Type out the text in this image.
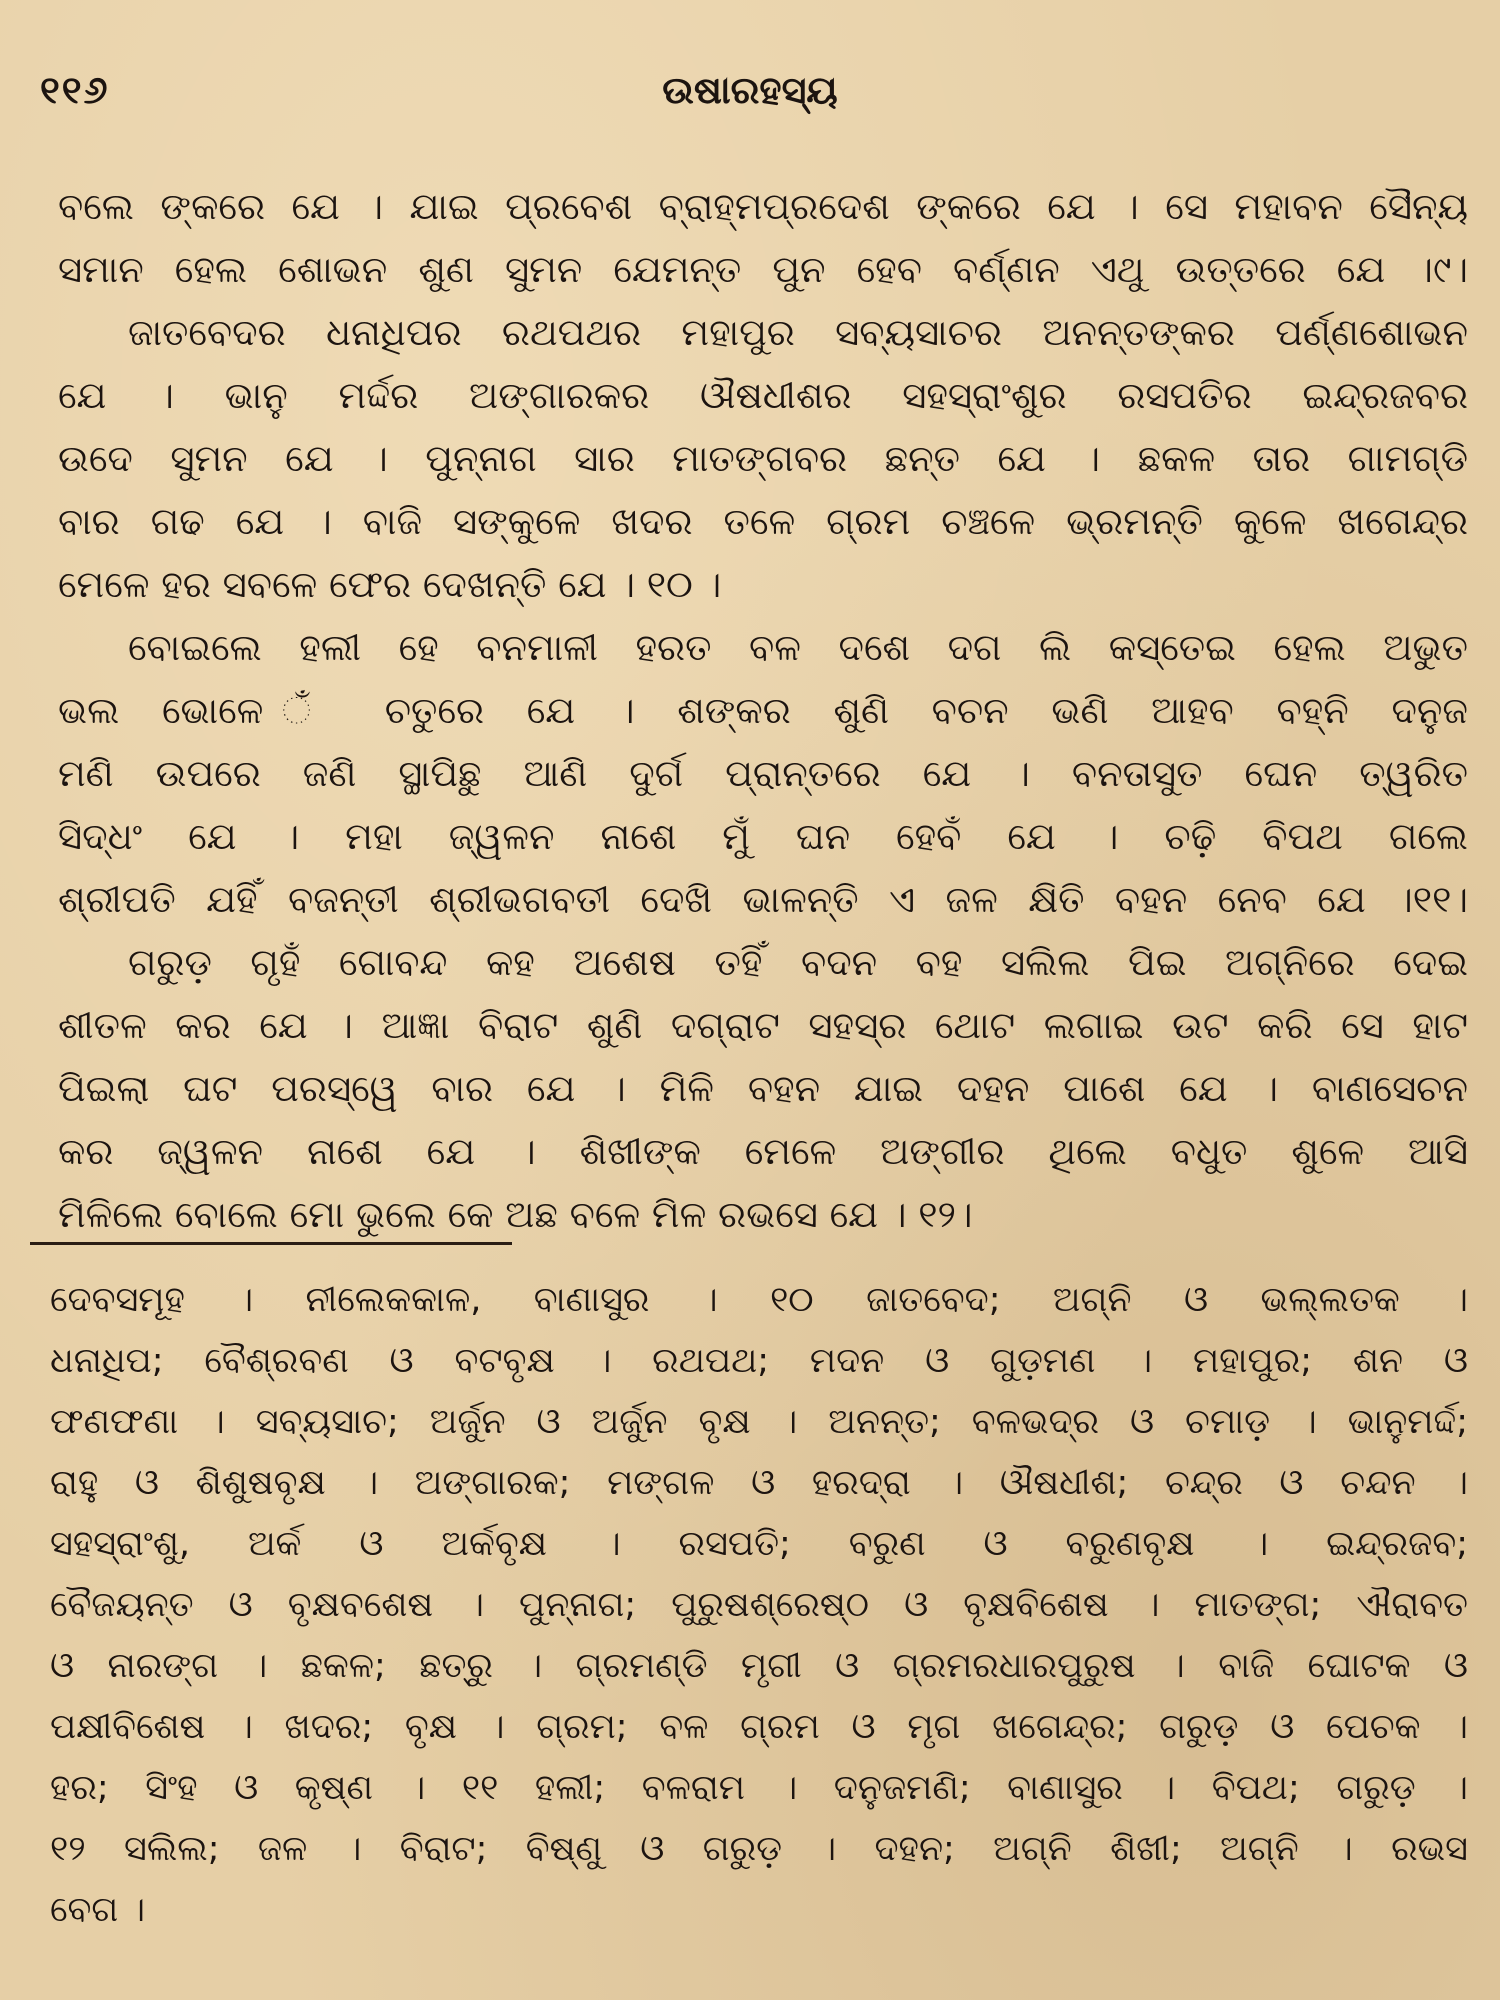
୧୧୬	ଉଷାରହସ୍ୟ
ବଲେ ଙ୍କରେ ଯେ । ଯାଇ ପ୍ରବେଶ ବ୍ରାହ୍ମପ୍ରଦେଶ ଙ୍କରେ ଯେ । ସେ ମହାବନ ସୈନ୍ୟ
ସମାନ ହେଲ ଶୋଭନ ଶୁଣ ସୁମନ ଯେମନ୍ତ ପୁନ ହେବ ବର୍ଣ୍ଣନ ଏଥୁ ଉତ୍ତରେ ଯେ ।୯।
ଜାତବେଦର ଧନାଧିପର ରଥପଥର ମହାପୁର ସବ୍ୟସାଚର ଅନନ୍ତଙ୍କର ପର୍ଣ୍ଣଶୋଭନ
ଯେ । ଭାନୁ ମର୍ଦ୍ଦର ଅଙ୍ଗାରକର ଔଷଧୀଶର ସହସ୍ରାଂଶୁର ରସପତିର ଇନ୍ଦ୍ରଜବର
ଉଦେ ସୁମନ ଯେ । ପୁନ୍ନାଗ ସାର ମାତଙ୍ଗବର ଛନ୍ତ ଯେ । ଛକଳ ତାର ଗାମଗ୍ଡି
ବାର ଗଢ ଯେ । ବାଜି ସଙ୍କୁଳେ ଖଦର ତଳେ ଗ୍ରମ ଚଞ୍ଚଳେ ଭ୍ରମନ୍ତି କୁଳେ ଖଗେନ୍ଦ୍ର
ମେଳେ ହର ସବଳେ ଫେର ଦେଖନ୍ତି ଯେ । ୧୦ ।
ବୋଇଲେ ହଲୀ ହେ ବନମାଳୀ ହରତ ବଳ ଦଶେ ଦଗ ଲି କସ୍ତେଇ ହେଲ ଅଭୁତ
ଭଲ ଭୋଳେ ଁ ଚତୁରେ ଯେ । ଶଙ୍କର ଶୁଣି ବଚନ ଭଣି ଆହବ ବହ୍ନି ଦନୁଜ
ମଣି ଉପରେ ଜଣି ସ୍ଥାପିଛୁ ଆଣି ଦୁର୍ଗ ପ୍ରାନ୍ତରେ ଯେ । ବନତାସୁତ ଘେନ ତ୍ୱରିତ
ସିଦ୍ଧଂ ଯେ । ମହା ଜ୍ୱଳନ ନାଶେ ମୁଁ ଘନ ହେବଁ ଯେ । ଚଢ଼ି ବିପଥ ଗଲେ
ଶ୍ରୀପତି ଯହିଁ ବଜନ୍ତୀ ଶ୍ରୀଭଗବତୀ ଦେଖି ଭାଳନ୍ତି ଏ ଜଳ କ୍ଷିତି ବହନ ନେବ ଯେ ।୧୧।
ଗରୁଡ଼ ଗୃହଁ ଗୋବନ୍ଦ କହ ଅଶେଷ ତହିଁ ବଦନ ବହ ସଲିଲ ପିଇ ଅଗ୍ନିରେ ଦେଇ
ଶୀତଳ କର ଯେ । ଆଜ୍ଞା ବିରାଟ ଶୁଣି ଦଗ୍ରାଟ ସହସ୍ର ଥୋଟ ଲଗାଇ ଉଟ କରି ସେ ହାଟ
ପିଇଲା ଘଟ ପରସ୍ୱେ ବାର ଯେ । ମିଳି ବହନ ଯାଇ ଦହନ ପାଶେ ଯେ । ବାଣସେଚନ
କର ଜ୍ୱଳନ ନାଶେ ଯେ । ଶିଖୀଙ୍କ ମେଳେ ଅଙ୍ଗୀର ଥିଲେ ବଧୁତ ଶୁଳେ ଆସି
ମିଳିଲେ ବୋଲେ ମୋ ଭୁଲେ କେ ଅଛ ବଳେ ମିଳ ରଭସେ ଯେ । ୧୨।
ଦେବସମୂହ । ନୀଲେକକାଳ, ବାଣାସୁର । ୧୦ ଜାତବେଦ; ଅଗ୍ନି ଓ ଭଲ୍ଲତକ ।
ଧନାଧିପ; ବୈଶ୍ରବଣ ଓ ବଟବୃକ୍ଷ । ରଥପଥ; ମଦନ ଓ ଗୁଡ଼ମଣ । ମହାପୁର; ଶନ ଓ
ଫଣଫଣା । ସବ୍ୟସାଚ; ଅର୍ଜୁନ ଓ ଅର୍ଜୁନ ବୃକ୍ଷ । ଅନନ୍ତ; ବଳଭଦ୍ର ଓ ଚମାଡ଼ । ଭାନୁମର୍ଦ୍ଦ;
ରାହୁ ଓ ଶିଶୁଷବୃକ୍ଷ । ଅଙ୍ଗାରକ; ମଙ୍ଗଳ ଓ ହରଦ୍ରା । ଔଷଧୀଶ; ଚନ୍ଦ୍ର ଓ ଚନ୍ଦନ ।
ସହସ୍ରାଂଶୁ, ଅର୍କ ଓ ଅର୍କବୃକ୍ଷ । ରସପତି; ବରୁଣ ଓ ବରୁଣବୃକ୍ଷ । ଇନ୍ଦ୍ରଜବ;
ବୈଜୟନ୍ତ ଓ ବୃକ୍ଷବଶେଷ । ପୁନ୍ନାଗ; ପୁରୁଷଶ୍ରେଷ୍ଠ ଓ ବୃକ୍ଷବିଶେଷ । ମାତଙ୍ଗ; ଐରାବତ
ଓ ନାରଙ୍ଗ । ଛକଳ; ଛତ୍ରୁ । ଗ୍ରମଣ୍ଡି ମୃଗୀ ଓ ଗ୍ରମରଧାରପୁରୁଷ । ବାଜି ଘୋଟକ ଓ
ପକ୍ଷୀବିଶେଷ । ଖଦର; ବୃକ୍ଷ । ଗ୍ରମ; ବଳ ଗ୍ରମ ଓ ମୃଗ ଖଗେନ୍ଦ୍ର; ଗରୁଡ଼ ଓ ପେଚକ ।
ହର; ସିଂହ ଓ କୃଷ୍ଣ । ୧୧ ହଲୀ; ବଳରାମ । ଦନୁଜମଣି; ବାଣାସୁର । ବିପଥ; ଗରୁଡ଼ ।
୧୨ ସଲିଲ; ଜଳ । ବିରାଟ; ବିଷ୍ଣୁ ଓ ଗରୁଡ଼ । ଦହନ; ଅଗ୍ନି ଶିଖୀ; ଅଗ୍ନି । ରଭସ
ବେଗ ।
